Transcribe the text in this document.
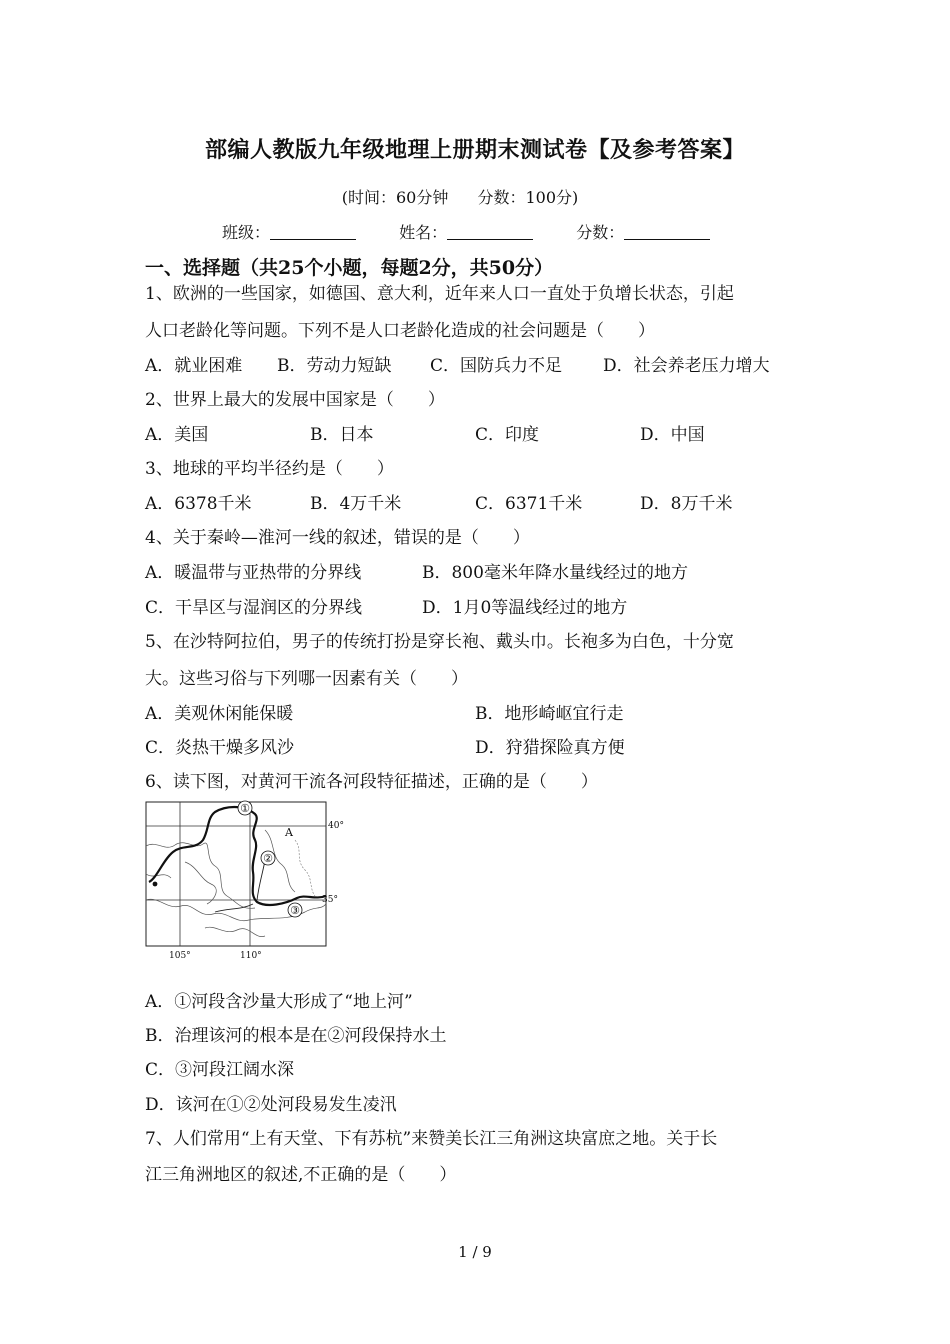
部编人教版九年级地理上册期末测试卷【及参考答案】
(时间：60分钟 分数：100分)
班级：	姓名：	分数：
一、选择题（共25个小题，每题2分，共50分）
1、欧洲的一些国家，如德国、意大利，近年来人口一直处于负增长状态，引起
人口老龄化等问题。下列不是人口老龄化造成的社会问题是（　　）
A．就业困难 B．劳动力短缺 C．国防兵力不足 D．社会养老压力增大
2、世界上最大的发展中国家是（　　）
A．美国	B．日本	C．印度	D．中国
3、地球的平均半径约是（　　）
A．6378千米	B．4万千米	C．6371千米	D．8万千米
4、关于秦岭—淮河一线的叙述，错误的是（　　）
A．暖温带与亚热带的分界线	B．800毫米年降水量线经过的地方
C．干旱区与湿润区的分界线	D．1月0等温线经过的地方
5、在沙特阿拉伯，男子的传统打扮是穿长袍、戴头巾。长袍多为白色，十分宽
大。这些习俗与下列哪一因素有关（　　）
A．美观休闲能保暖	B．地形崎岖宜行走
C．炎热干燥多风沙	D．狩猎探险真方便
6、读下图，对黄河干流各河段特征描述，正确的是（　　）
①
②
③
A	40°
35°
105°	110°
A．①河段含沙量大形成了“地上河”
B．治理该河的根本是在②河段保持水土
C．③河段江阔水深
D．该河在①②处河段易发生凌汛
7、人们常用“上有天堂、下有苏杭”来赞美长江三角洲这块富庶之地。关于长
江三角洲地区的叙述,不正确的是（　　）
1 / 9
